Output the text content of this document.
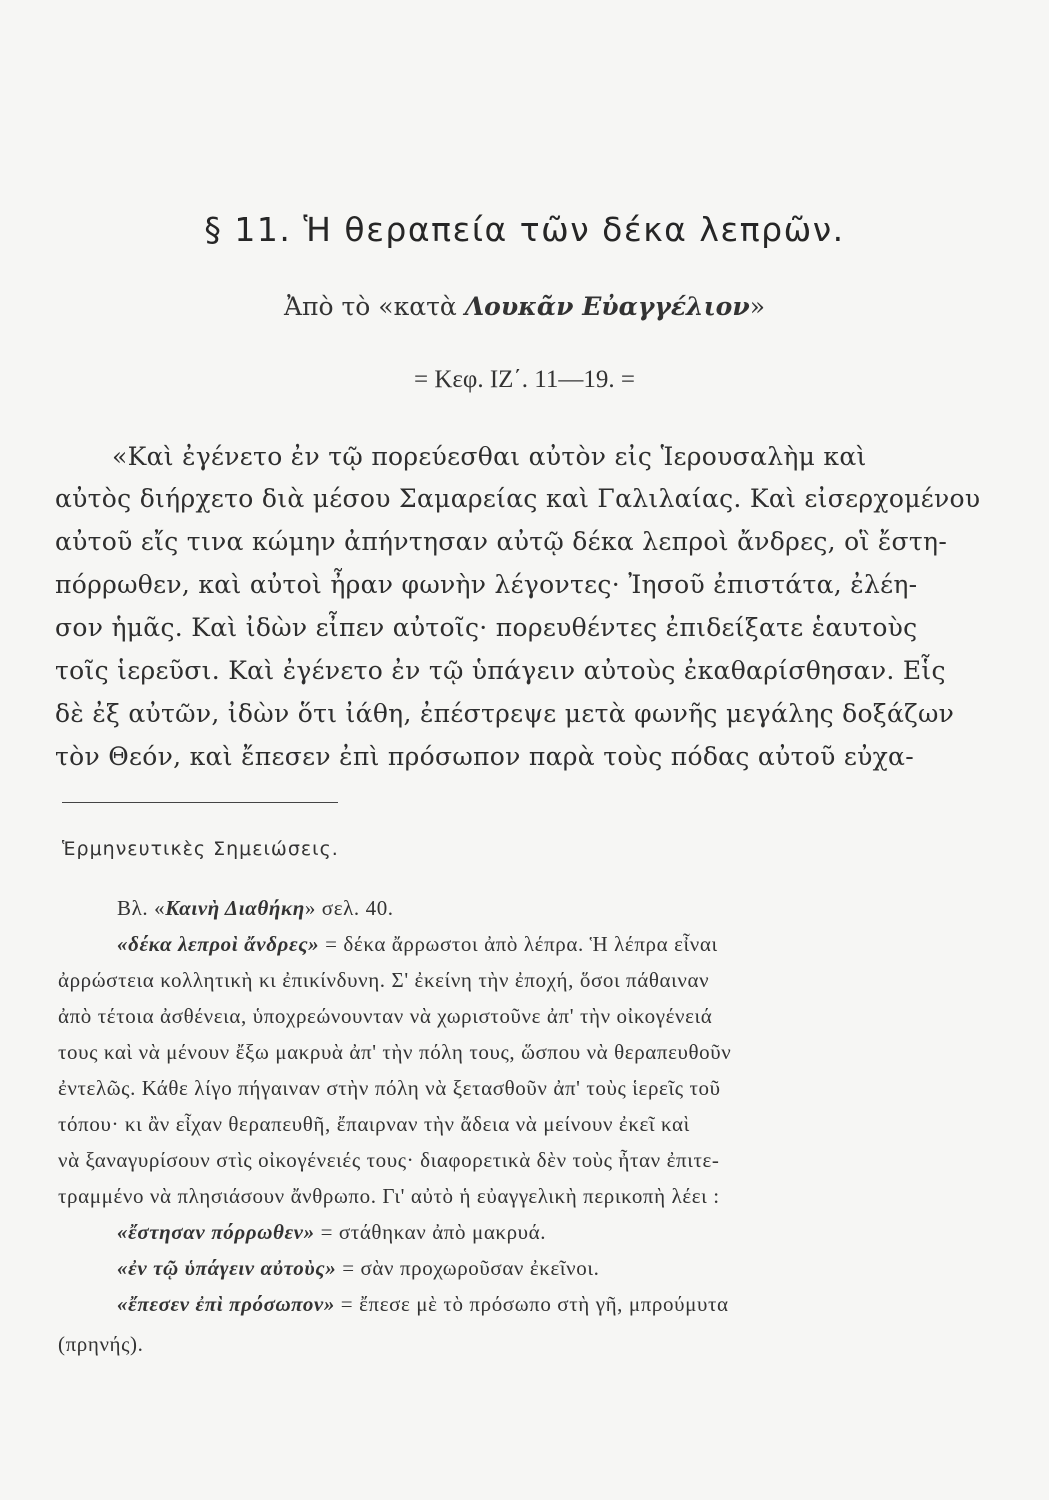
§ 11. Ἡ θεραπεία τῶν δέκα λεπρῶν.
Ἀπὸ τὸ «κατὰ Λουκᾶν Εὐαγγέλιον»
= Κεφ. ΙΖ΄. 11—19. =
«Καὶ ἐγένετο ἐν τῷ πορεύεσθαι αὐτὸν εἰς Ἱερουσαλὴμ καὶ
αὐτὸς διήρχετο διὰ μέσου Σαμαρείας καὶ Γαλιλαίας. Καὶ εἰσερχομένου
αὐτοῦ εἴς τινα κώμην ἀπήντησαν αὐτῷ δέκα λεπροὶ ἄνδρες, οἳ ἔστη-
πόρρωθεν, καὶ αὐτοὶ ἦραν φωνὴν λέγοντες· Ἰησοῦ ἐπιστάτα, ἐλέη-
σον ἡμᾶς. Καὶ ἰδὼν εἶπεν αὐτοῖς· πορευθέντες ἐπιδείξατε ἑαυτοὺς
τοῖς ἱερεῦσι. Καὶ ἐγένετο ἐν τῷ ὑπάγειν αὐτοὺς ἐκαθαρίσθησαν. Εἷς
δὲ ἐξ αὐτῶν, ἰδὼν ὅτι ἰάθη, ἐπέστρεψε μετὰ φωνῆς μεγάλης δοξάζων
τὸν Θεόν, καὶ ἔπεσεν ἐπὶ πρόσωπον παρὰ τοὺς πόδας αὐτοῦ εὐχα-
Ἑρμηνευτικὲς Σημειώσεις.
Βλ. «Καινὴ Διαθήκη» σελ. 40.
«δέκα λεπροὶ ἄνδρες» = δέκα ἄρρωστοι ἀπὸ λέπρα. Ἡ λέπρα εἶναι
ἀρρώστεια κολλητικὴ κι ἐπικίνδυνη. Σ' ἐκείνη τὴν ἐποχή, ὅσοι πάθαιναν
ἀπὸ τέτοια ἀσθένεια, ὑποχρεώνουνταν νὰ χωριστοῦνε ἀπ' τὴν οἰκογένειά
τους καὶ νὰ μένουν ἔξω μακρυὰ ἀπ' τὴν πόλη τους, ὥσπου νὰ θεραπευθοῦν
ἐντελῶς. Κάθε λίγο πήγαιναν στὴν πόλη νὰ ξετασθοῦν ἀπ' τοὺς ἱερεῖς τοῦ
τόπου· κι ἂν εἶχαν θεραπευθῆ, ἔπαιρναν τὴν ἄδεια νὰ μείνουν ἐκεῖ καὶ
νὰ ξαναγυρίσουν στὶς οἰκογένειές τους· διαφορετικὰ δὲν τοὺς ἦταν ἐπιτε-
τραμμένο νὰ πλησιάσουν ἄνθρωπο. Γι' αὐτὸ ἡ εὐαγγελικὴ περικοπὴ λέει :
«ἔστησαν πόρρωθεν» = στάθηκαν ἀπὸ μακρυά.
«ἐν τῷ ὑπάγειν αὐτοὺς» = σὰν προχωροῦσαν ἐκεῖνοι.
«ἔπεσεν ἐπὶ πρόσωπον» = ἔπεσε μὲ τὸ πρόσωπο στὴ γῆ, μπρούμυτα
(πρηνής).
